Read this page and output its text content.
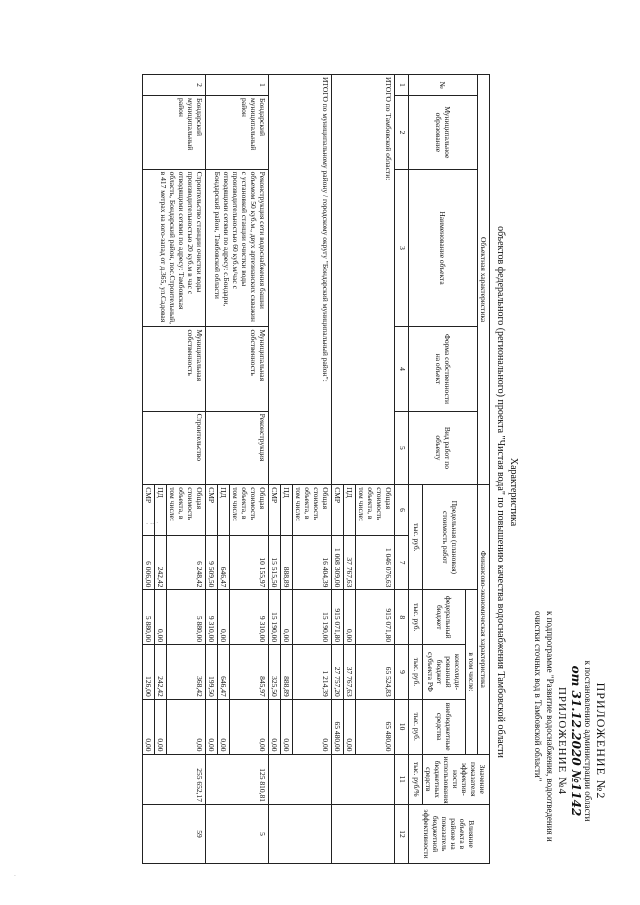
- -- ·
·
ПРИЛОЖЕНИЕ №2
к постановлению администрации области
от 31.12.2020 №1142
ПРИЛОЖЕНИЕ №4
к подпрограмме "Развитие водоснабжения, водоотведения и очистки сточных вод в Тамбовской области"
Характеристика
объектов федерального (регионального) проекта "Чистая вода" по повышению качества водоснабжения Тамбовской области
Объектная характеристика					Финансово-экономическая характеристика					Значение показателя эффектив-ности использования бюджетных средств	Влияние объекта в районе на показатель бюджетной эффективности
№	Муниципальное образование	Наименование объекта	Форма собственности на объект	Вид работ по объекту	Предельная (плановая) стоимость работ		в том числе:				
							федеральный бюджет	консолиди-рованный бюджет субъекта РФ	внебюджетные средства		
					тыс. руб.		тыс. руб.	тыс. руб.	тыс. руб.	тыс. руб/%	
1	2	3	4	5	6	7	8	9	10	11	12
ИТОГО по Тамбовской области:					Общая стоимость объекта, в том числе:	1 046 076,63	915 071,80	65 524,83	65 480,00		
					ПД	37 767,63	0,00	37 767,63	0,00		
					СМР	1 008 309,00	915 071,80	27 757,20	65 480,00		
ИТОГО по муниципальному району / городскому округу "Бондарский муниципальный район":					Общая стоимость объекта, в том числе:	16 404,39	15 190,00	1 214,39	0,00		
					ПД	888,89	0,00	888,89	0,00		
					СМР	15 515,50	15 190,00	325,50	0,00		
1	Бондарский муниципальный район	Реконструкция сети водоснабжения башни объемом 50 куб.м., двух артезианских скважин с установкой станции очистки воды производительностью 60 куб.м/час с отводящими сетями по адресу: с.Бондари, Бондарский район, Тамбовской области	Муниципальная собственность	Реконструкция	Общая стоимость объекта, в том числе:	10 155,97	9 310,00	845,97	0,00	125 810,81	5
					ПД	646,47	0,00	646,47	0,00		
					СМР	9 509,50	9 310,00	199,50	0,00		
2	Бондарский муниципальный район	Строительство станции очистки воды производительностью 20 куб.м в час с отводящими сетями по адресу: Тамбовская область, Бондарский район, пос.Строительный, в 417 метрах на юго-запад от д.365, ул.Садовая	Муниципальная собственность	Строительство	Общая стоимость объекта, в том числе:	6 248,42	5 880,00	368,42	0,00	255 652,17	59
					ПД	242,42	0,00	242,42	0,00		
					СМР	6 006,00	5 880,00	126,00	0,00		
